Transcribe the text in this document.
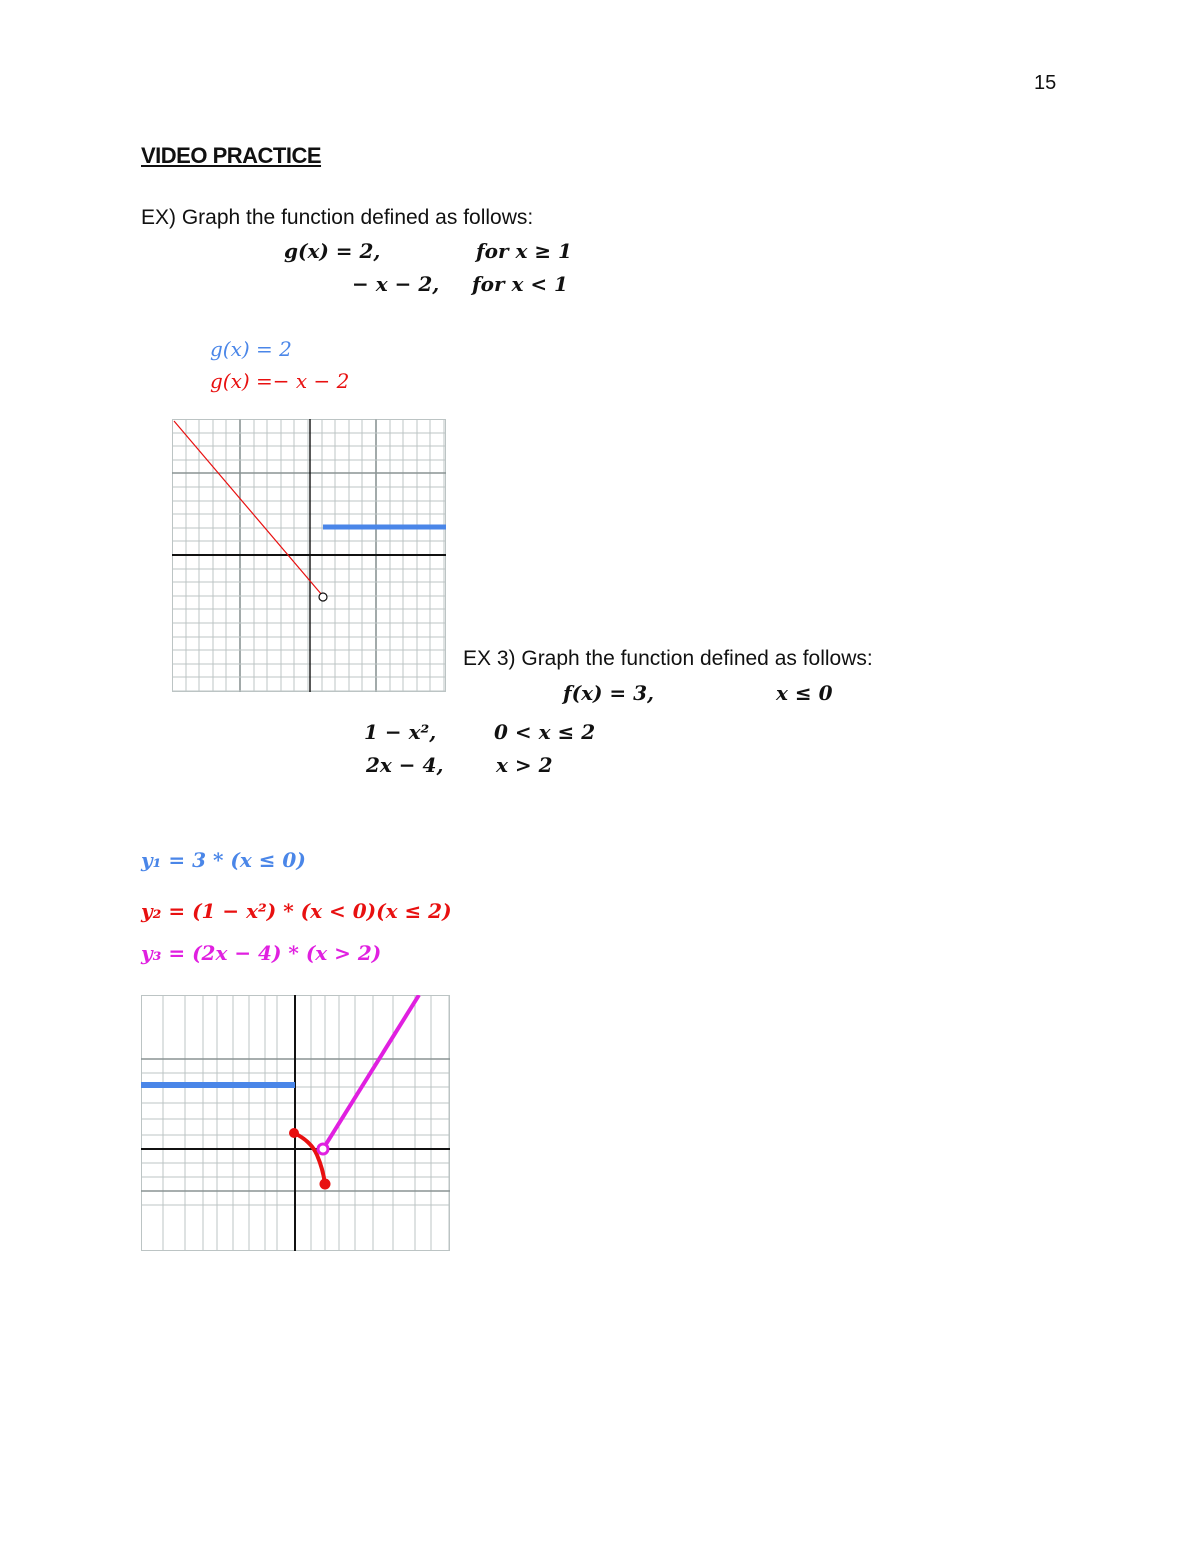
15
VIDEO PRACTICE
EX) Graph the function defined as follows:
g(x) = 2,	for x ≥ 1
− x − 2, for x < 1
g(x) = 2
g(x) =− x − 2
EX 3) Graph the function defined as follows:
f(x) = 3,	x ≤ 0
1 − x²,	0 < x ≤ 2
2x − 4,	x > 2
y₁ = 3 * (x ≤ 0)
y₂ = (1 − x²) * (x < 0)(x ≤ 2)
y₃ = (2x − 4) * (x > 2)
